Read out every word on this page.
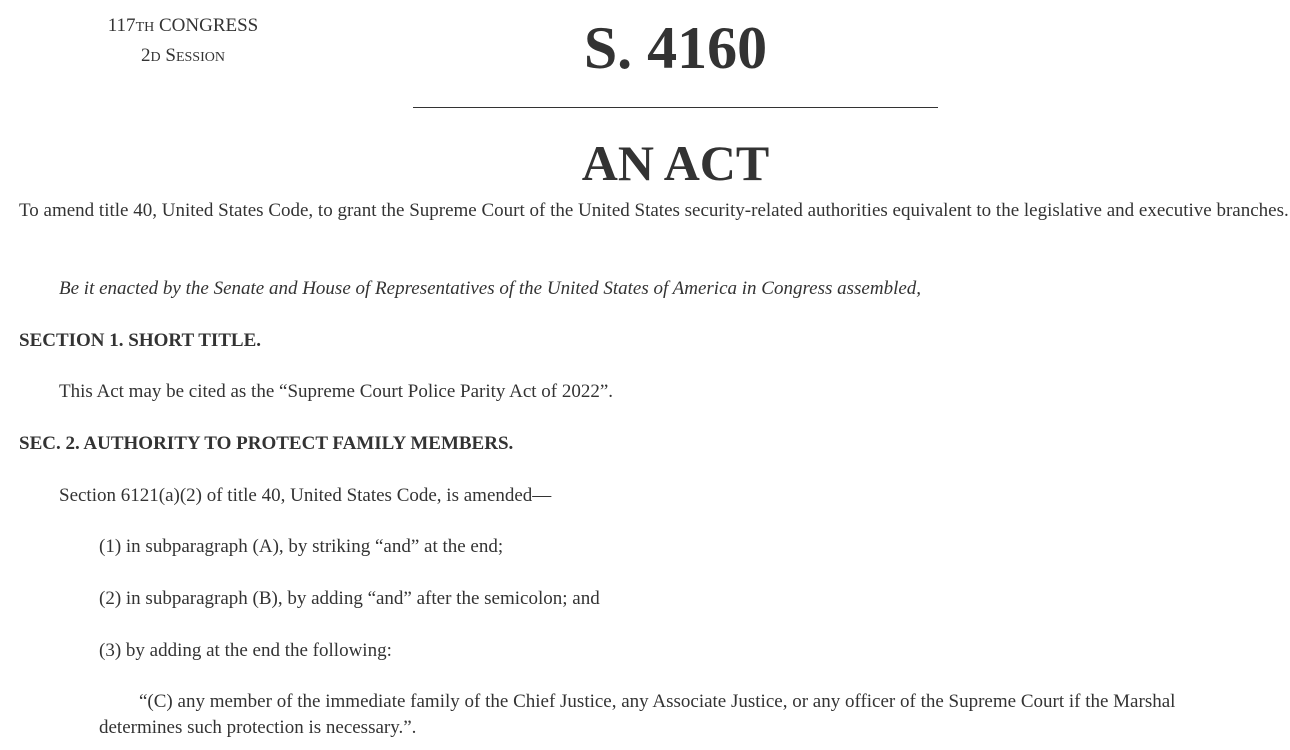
117TH CONGRESS
2D SESSION	S. 4160
AN ACT
To amend title 40, United States Code, to grant the Supreme Court of the United States security-related authorities equivalent to the legislative and executive branches.
Be it enacted by the Senate and House of Representatives of the United States of America in Congress assembled,
SECTION 1. SHORT TITLE.
This Act may be cited as the “Supreme Court Police Parity Act of 2022”.
SEC. 2. AUTHORITY TO PROTECT FAMILY MEMBERS.
Section 6121(a)(2) of title 40, United States Code, is amended—
(1) in subparagraph (A), by striking “and” at the end;
(2) in subparagraph (B), by adding “and” after the semicolon; and
(3) by adding at the end the following:
“(C) any member of the immediate family of the Chief Justice, any Associate Justice, or any officer of the Supreme Court if the Marshal determines such protection is necessary.”.
